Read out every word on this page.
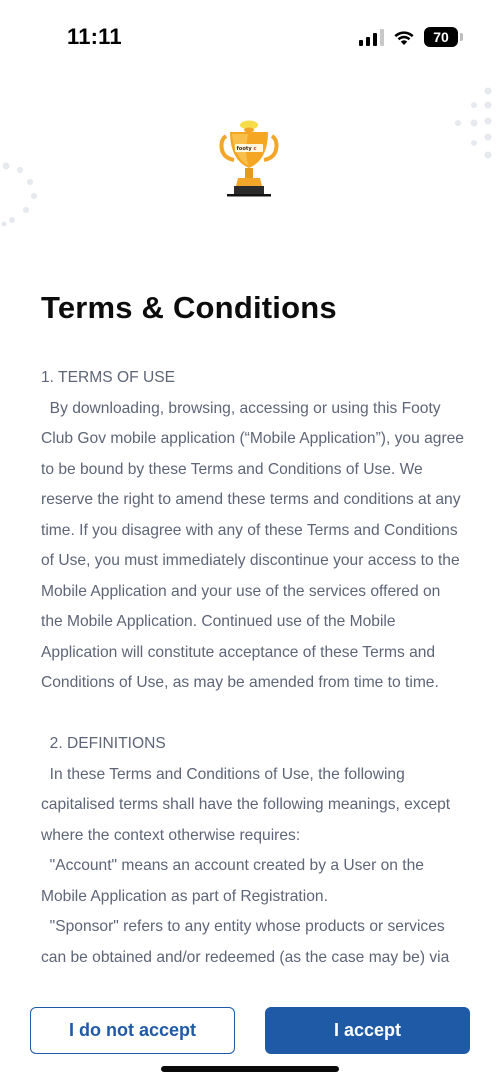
11:11	70
footy c
Terms & Conditions

1. TERMS OF USE

By downloading, browsing, accessing or using this Footy Club Gov mobile application (“Mobile Application”), you agree to be bound by these Terms and Conditions of Use. We reserve the right to amend these terms and conditions at any time. If you disagree with any of these Terms and Conditions of Use, you must immediately discontinue your access to the Mobile Application and your use of the services offered on the Mobile Application. Continued use of the Mobile Application will constitute acceptance of these Terms and Conditions of Use, as may be amended from time to time.

2. DEFINITIONS

In these Terms and Conditions of Use, the following capitalised terms shall have the following meanings, except where the context otherwise requires:

"Account" means an account created by a User on the Mobile Application as part of Registration.

"Sponsor" refers to any entity whose products or services can be obtained and/or redeemed (as the case may be) via

I do not accept	I accept
